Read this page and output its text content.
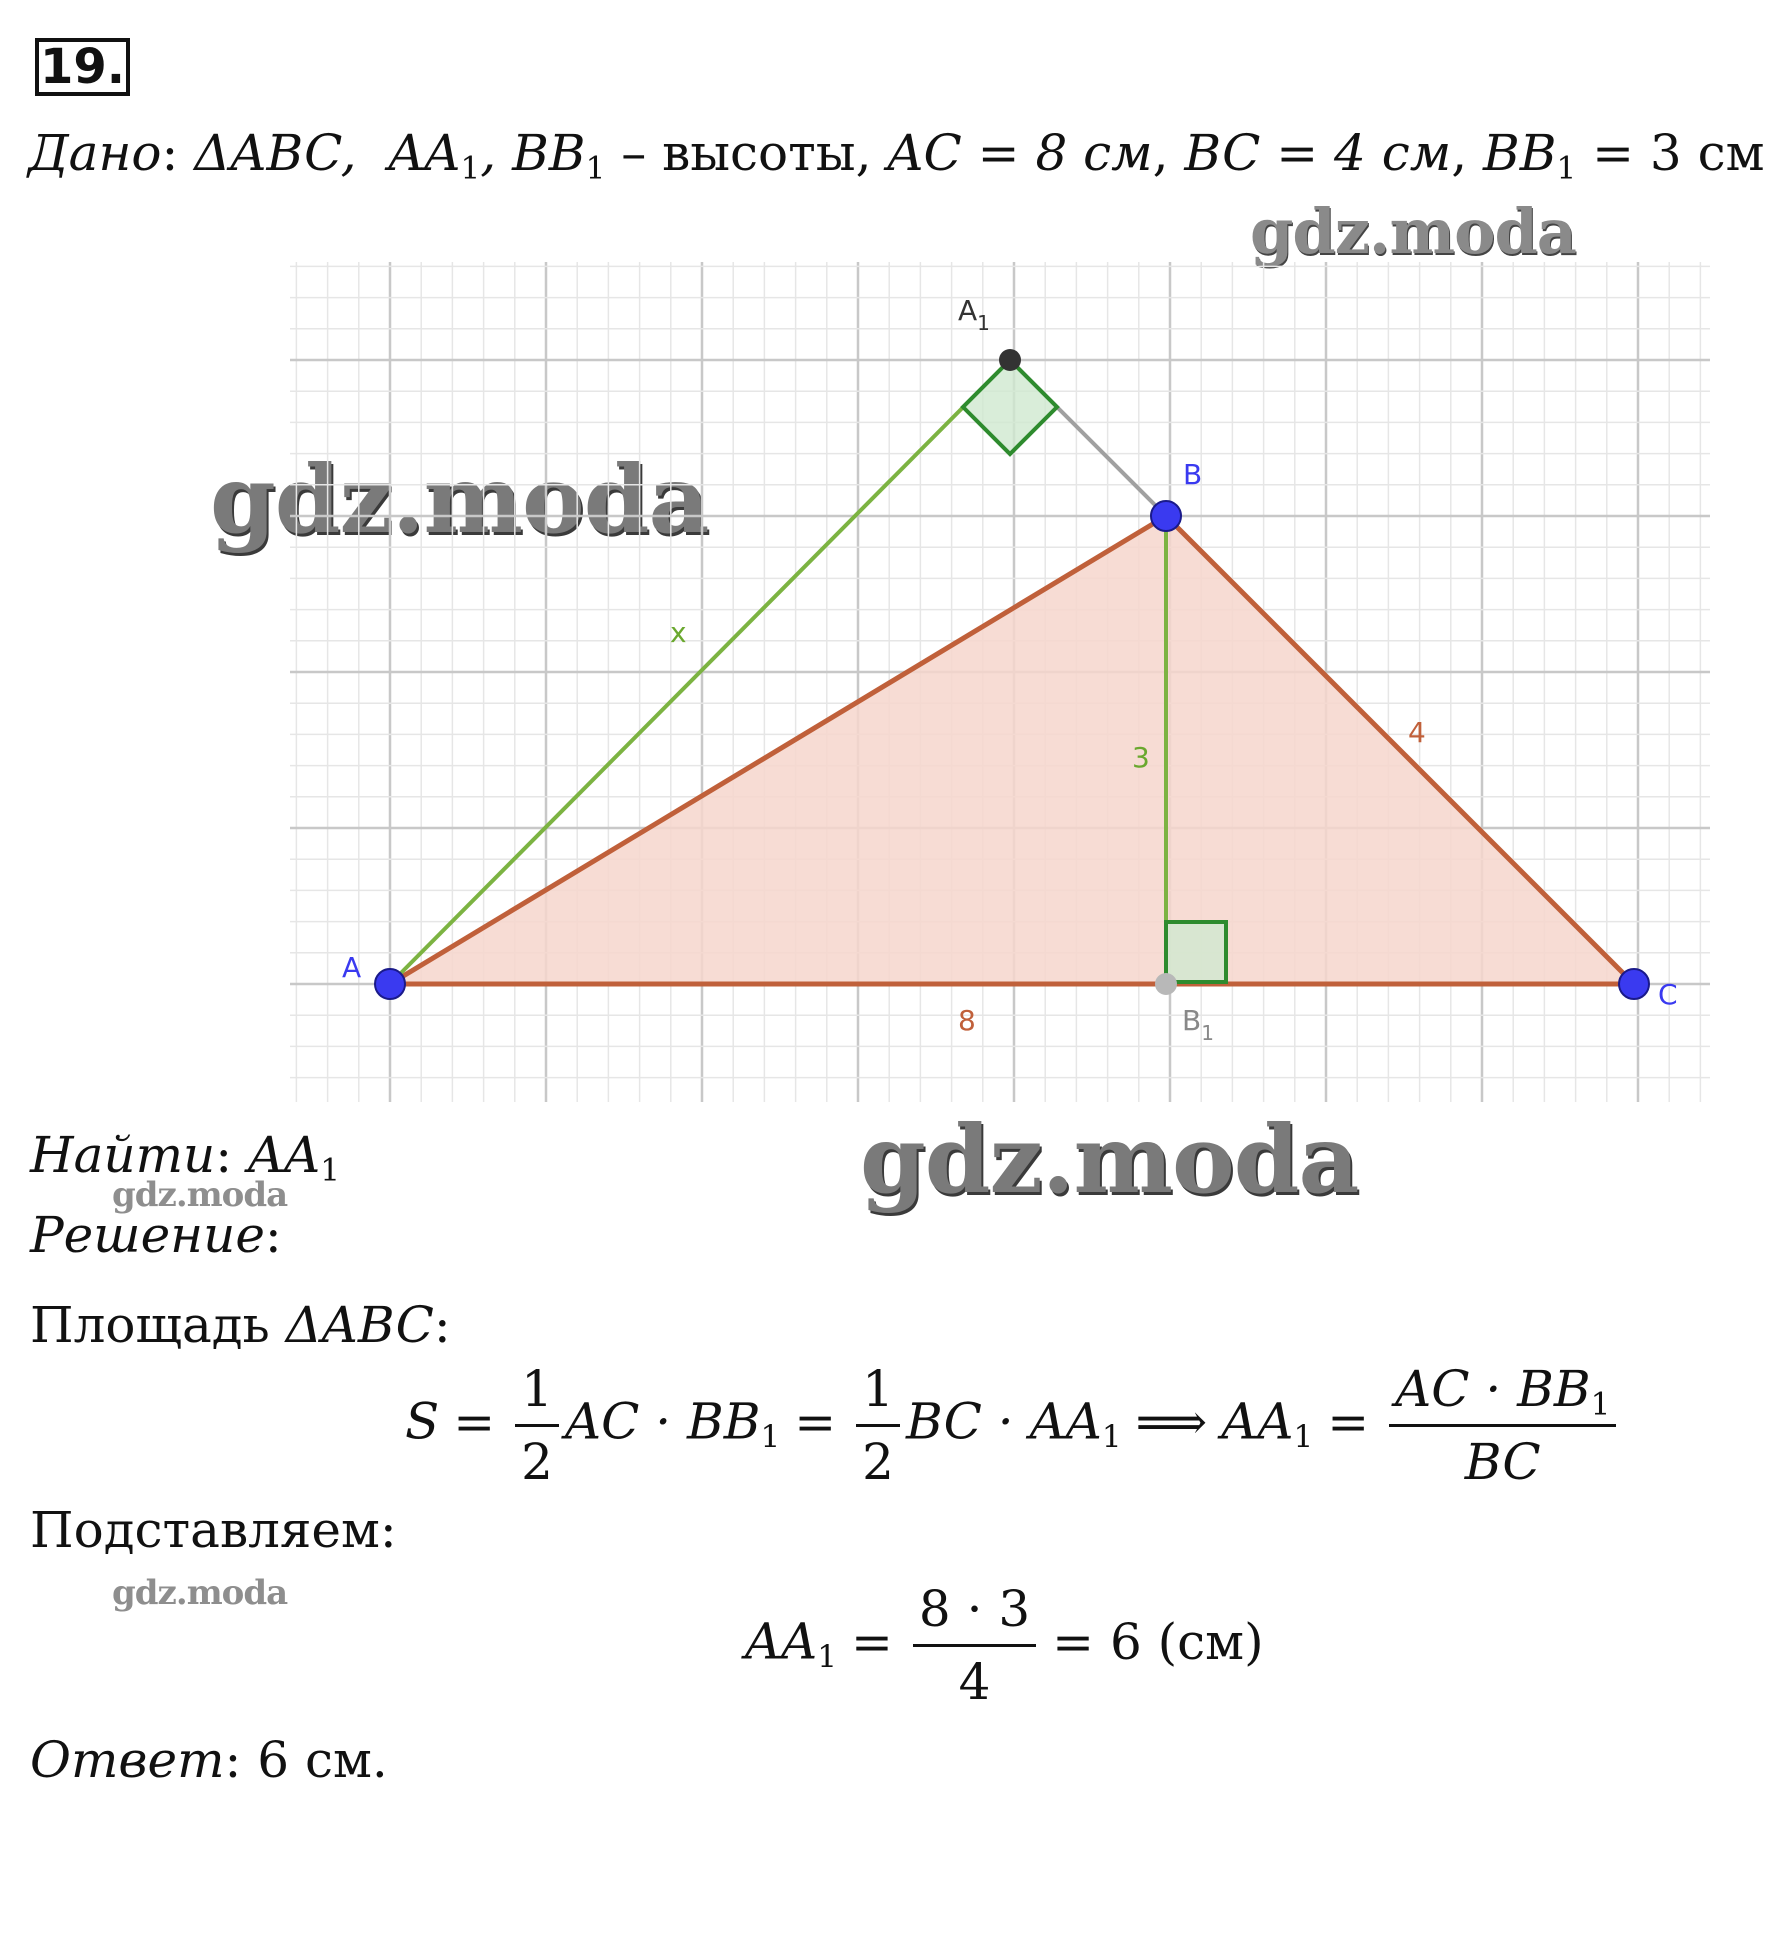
19.
Дано: ΔABC,  $AA_1$, $BB_1$ – высоты, AC = 8 см, BC = 4 см, $BB_1 = 3$ см
gdz.moda
gdz.moda
gdz.moda
gdz.moda
gdz.moda
$A_1$
B
A
C
$B_1$
x
3
4
8
Найти: $AA_1$
Решение:
Площадь ΔABC:
$S = \frac{1}{2}$ AC · $BB_1 = \frac{1}{2}$ BC · $AA_1$ ⟹ $AA_1 = \frac{AC \cdot BB_1}{BC}$
Подставляем:
$AA_1 = \frac{8 \cdot 3}{4} = 6$ (см)
Ответ: 6 см.
